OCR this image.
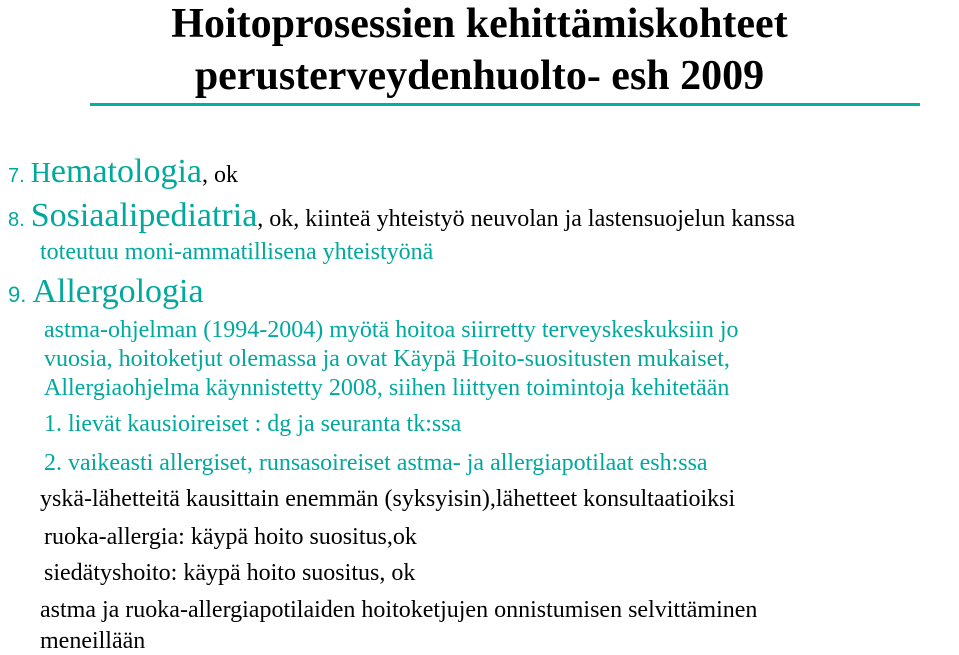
Hoitoprosessien kehittämiskohteet
perusterveydenhuolto- esh 2009
7. Hematologia, ok
8. Sosiaalipediatria, ok, kiinteä yhteistyö neuvolan ja lastensuojelun kanssa
toteutuu moni-ammatillisena yhteistyönä
9. Allergologia
astma-ohjelman (1994-2004) myötä hoitoa siirretty terveyskeskuksiin jo
vuosia, hoitoketjut olemassa ja ovat Käypä Hoito-suositusten mukaiset,
Allergiaohjelma käynnistetty 2008, siihen liittyen toimintoja kehitetään
1. lievät kausioireiset : dg ja seuranta tk:ssa
2. vaikeasti allergiset, runsasoireiset astma- ja allergiapotilaat esh:ssa
yskä-lähetteitä kausittain enemmän (syksyisin),lähetteet konsultaatioiksi
ruoka-allergia: käypä hoito suositus,ok
siedätyshoito: käypä hoito suositus, ok
astma ja ruoka-allergiapotilaiden hoitoketjujen onnistumisen selvittäminen
meneillään
